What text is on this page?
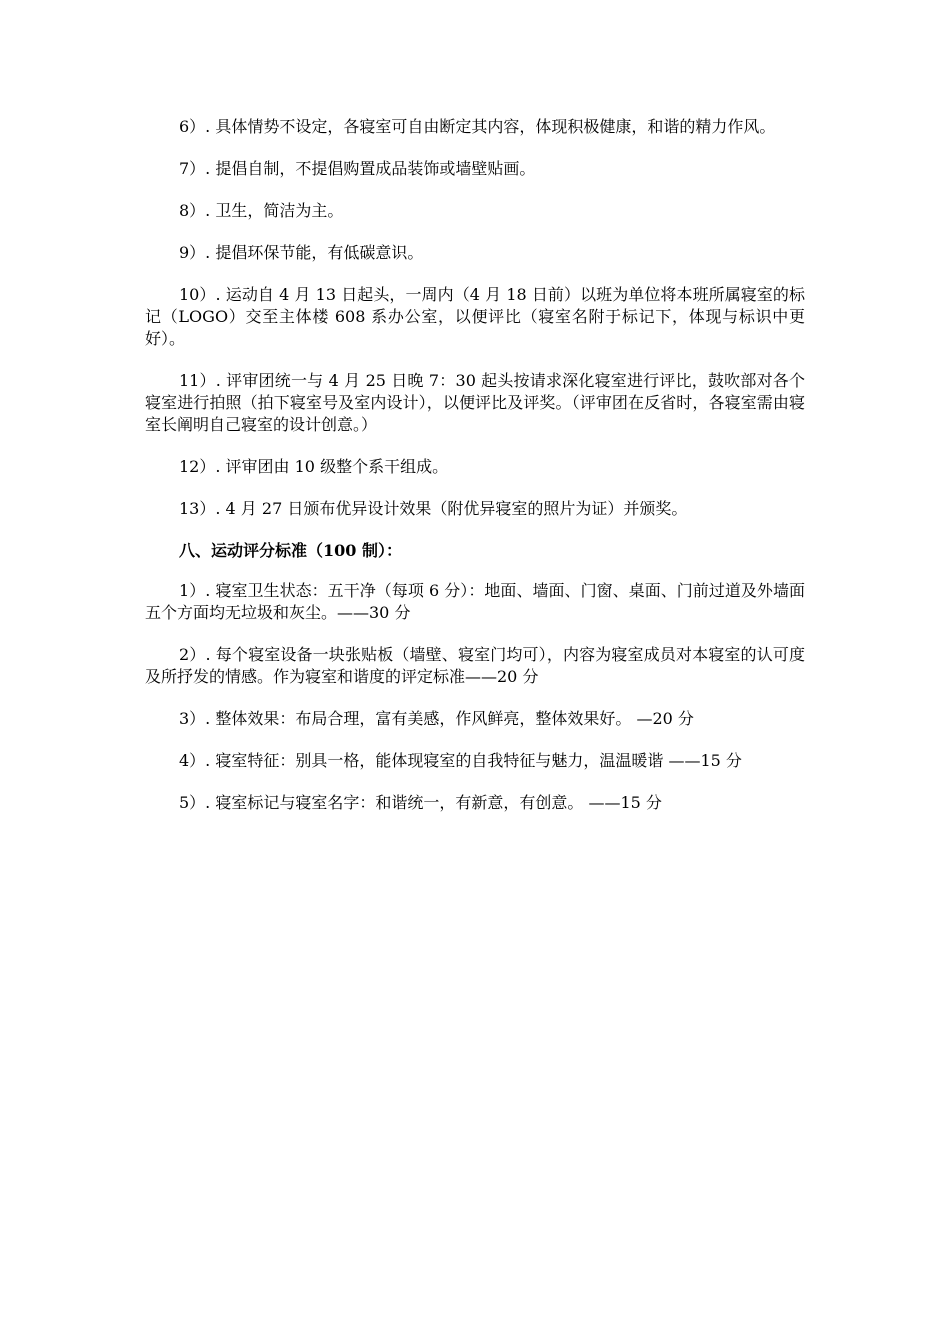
6）. 具体情势不设定，各寝室可自由断定其内容，体现积极健康，和谐的精力作风。

7）. 提倡自制，不提倡购置成品装饰或墙壁贴画。

8）. 卫生，简洁为主。

9）. 提倡环保节能，有低碳意识。

10）. 运动自 4 月 13 日起头，一周内（4 月 18 日前）以班为单位将本班所属寝室的标记（LOGO）交至主体楼 608 系办公室，以便评比（寝室名附于标记下，体现与标识中更好）。

11）. 评审团统一与 4 月 25 日晚 7：30 起头按请求深化寝室进行评比，鼓吹部对各个寝室进行拍照（拍下寝室号及室内设计），以便评比及评奖。（评审团在反省时，各寝室需由寝室长阐明自己寝室的设计创意。）

12）. 评审团由 10 级整个系干组成。

13）. 4 月 27 日颁布优异设计效果（附优异寝室的照片为证）并颁奖。

八、运动评分标准（100 制）：

1）. 寝室卫生状态：五干净（每项 6 分）：地面、墙面、门窗、桌面、门前过道及外墙面五个方面均无垃圾和灰尘。——30 分

2）. 每个寝室设备一块张贴板（墙壁、寝室门均可），内容为寝室成员对本寝室的认可度及所抒发的情感。作为寝室和谐度的评定标准——20 分

3）. 整体效果：布局合理，富有美感，作风鲜亮，整体效果好。 —20 分

4）. 寝室特征：别具一格，能体现寝室的自我特征与魅力，温温暖谐 ——15 分

5）. 寝室标记与寝室名字：和谐统一，有新意，有创意。 ——15 分
